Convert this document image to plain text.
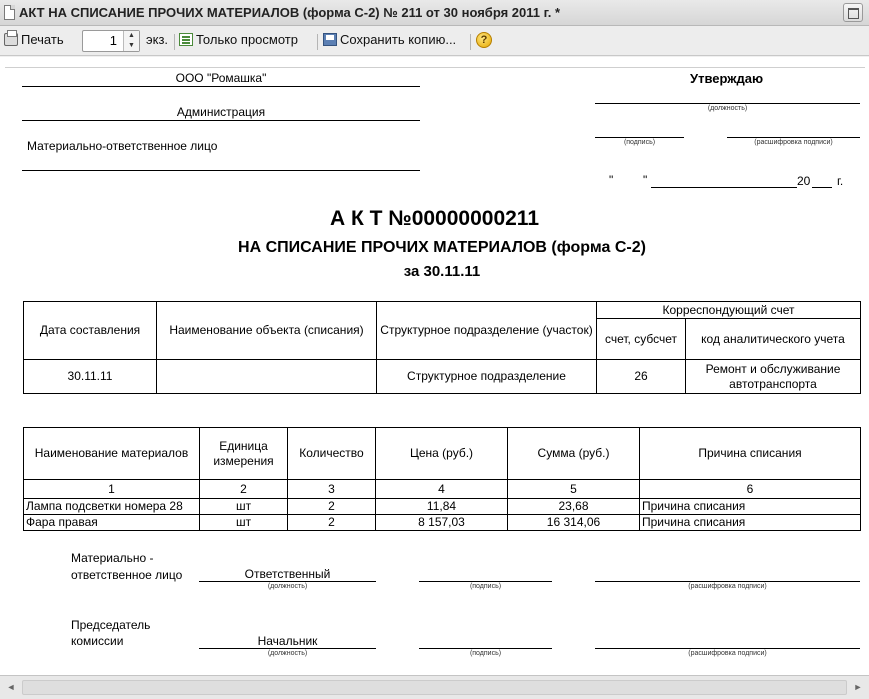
АКТ НА СПИСАНИЕ ПРОЧИХ МАТЕРИАЛОВ (форма С-2) № 211 от 30 ноября 2011 г. *
Печать	1	▲
▼ экз. Только просмотр	Сохранить копию...	?
ООО "Ромашка"
Администрация
Материально-ответственное лицо
Утверждаю
(должность)
(подпись)	(расшифровка подписи)
" "	20 г.
А К Т №00000000211
НА СПИСАНИЕ ПРОЧИХ МАТЕРИАЛОВ (форма С-2)
за 30.11.11
Дата составления	Наименование объекта (списания)	Структурное подразделение (участок)	Корреспондующий счет	
			счет, субсчет	код аналитического учета
30.11.11		Структурное подразделение	26	Ремонт и обслуживание автотранспорта
Наименование материалов	Единица измерения	Количество	Цена (руб.)	Сумма (руб.)	Причина списания
1	2	3	4	5	6
Лампа подсветки номера 28	шт	2	11,84	23,68	Причина списания
Фара правая	шт	2	8 157,03	16 314,06	Причина списания
Материально -
ответственное лицо	Ответственный
(должность)	(подпись)	(расшифровка подписи)
Председатель
комиссии	Начальник
(должность)	(подпись)	(расшифровка подписи)
◄	►
